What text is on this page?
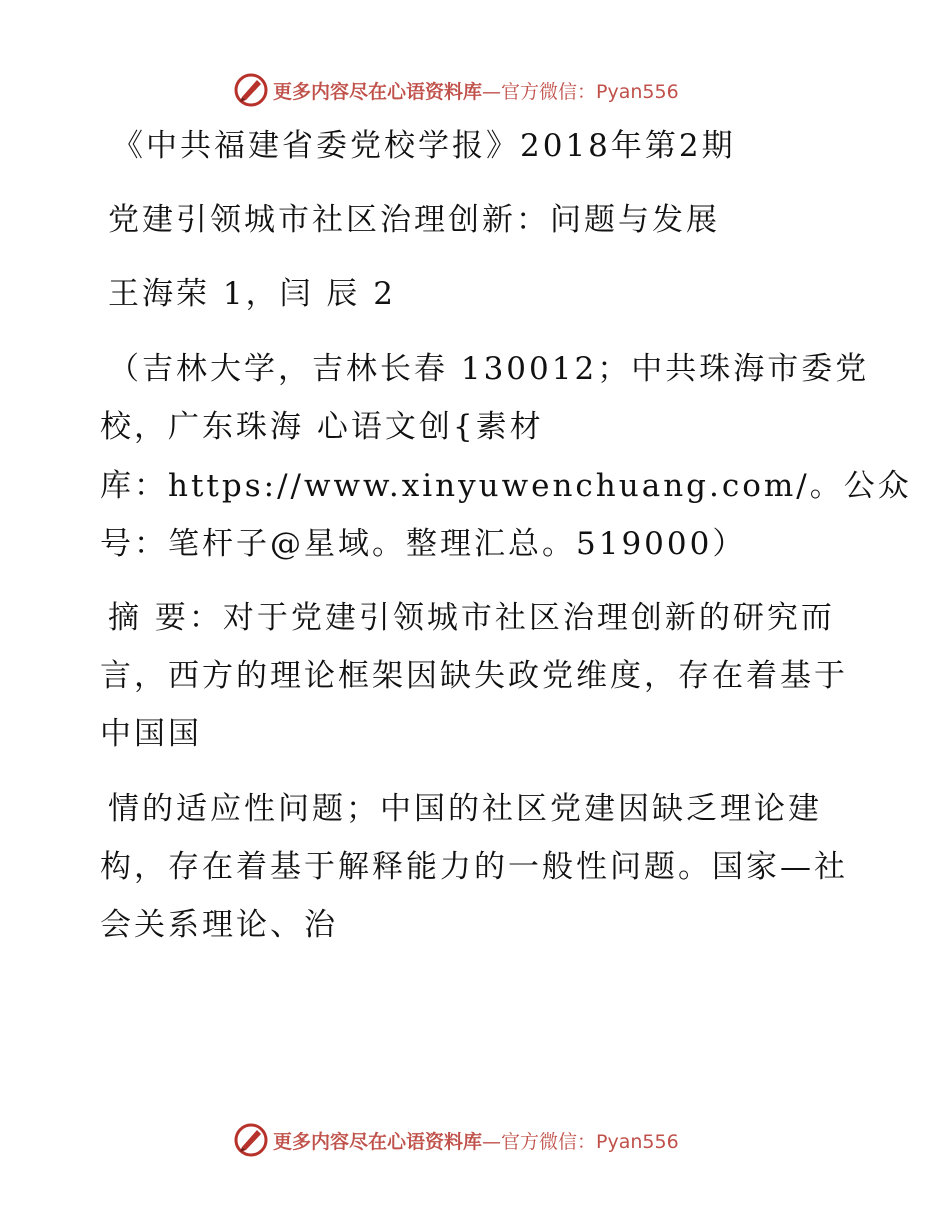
更多内容尽在心语资料库—官方微信：Pyan556
《中共福建省委党校学报》2018年第2期
党建引领城市社区治理创新：问题与发展
王海荣 1，闫 辰 2
（吉林大学，吉林长春 130012；中共珠海市委党
校，广东珠海 心语文创{素材
库：https://www.xinyuwenchuang.com/。公众
号：笔杆子@星域。整理汇总。519000）
摘 要：对于党建引领城市社区治理创新的研究而
言，西方的理论框架因缺失政党维度，存在着基于
中国国
情的适应性问题；中国的社区党建因缺乏理论建
构，存在着基于解释能力的一般性问题。国家—社
会关系理论、治
更多内容尽在心语资料库—官方微信：Pyan556
